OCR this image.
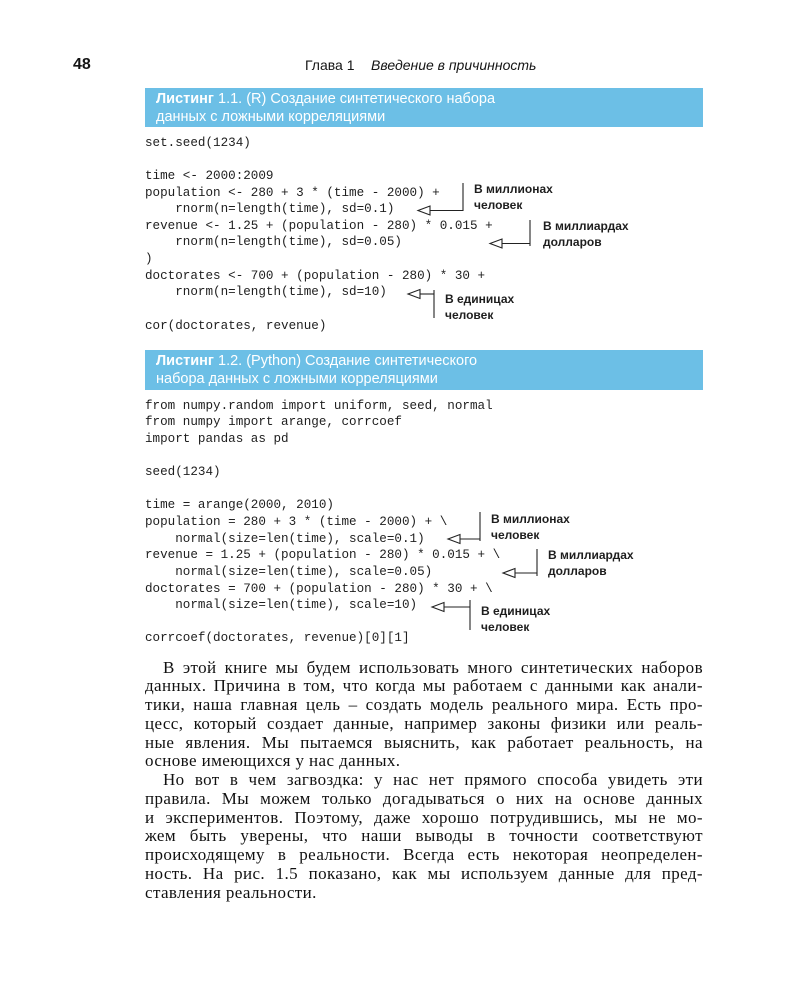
48	Глава 1 Введение в причинность
Листинг 1.1. (R) Создание синтетического набора
данных с ложными корреляциями
set.seed(1234)
time <- 2000:2009
population <- 280 + 3 * (time - 2000) +
rnorm(n=length(time), sd=0.1)
revenue <- 1.25 + (population - 280) * 0.015 +
rnorm(n=length(time), sd=0.05)
)
doctorates <- 700 + (population - 280) * 30 +
rnorm(n=length(time), sd=10)
cor(doctorates, revenue)
В миллионах
человек
В миллиардах
долларов
В единицах
человек
Листинг 1.2. (Python) Создание синтетического
набора данных с ложными корреляциями
from numpy.random import uniform, seed, normal
from numpy import arange, corrcoef
import pandas as pd
seed(1234)
time = arange(2000, 2010)
population = 280 + 3 * (time - 2000) + \
normal(size=len(time), scale=0.1)
revenue = 1.25 + (population - 280) * 0.015 + \
normal(size=len(time), scale=0.05)
doctorates = 700 + (population - 280) * 30 + \
normal(size=len(time), scale=10)
corrcoef(doctorates, revenue)[0][1]
В миллионах
человек
В миллиардах
долларов
В единицах
человек
В этой книге мы будем использовать много синтетических наборов
данных. Причина в том, что когда мы работаем с данными как анали-
тики, наша главная цель – создать модель реального мира. Есть про-
цесс, который создает данные, например законы физики или реаль-
ные явления. Мы пытаемся выяснить, как работает реальность, на
основе имеющихся у нас данных.
Но вот в чем загвоздка: у нас нет прямого способа увидеть эти
правила. Мы можем только догадываться о них на основе данных
и экспериментов. Поэтому, даже хорошо потрудившись, мы не мо-
жем быть уверены, что наши выводы в точности соответствуют
происходящему в реальности. Всегда есть некоторая неопределен-
ность. На рис. 1.5 показано, как мы используем данные для пред-
ставления реальности.
